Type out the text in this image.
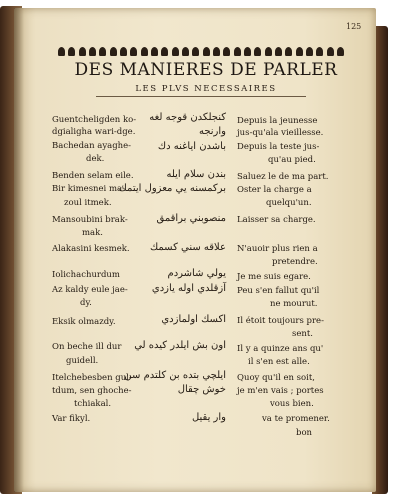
125
DES MANIERES DE PARLER
LES PLVS NECESSAIRES
Guentcheligden ko-
dgialigha wari-dge.
Bachedan ayaghe-
dek.
Benden selam eile.
Bir kimesnei ma-
zoul itmek.
Mansoubini brak-
mak.
Alakasini kesmek.
Iolichachurdum
Az kaldy eule jae-
dy.
Eksik olmazdy.
On beche ill dur
guidell.
Itelchebesben gul-
tdum, sen ghoche-
tchiakal.
Var fikyl.
كنجلكدن قوجه لغه
وارنجه
باشدن اياغنه دك
بندن سلام ايله
بركمسنه يي معزول ايتمك
منصوبني براقمق
علاقه سني كسمك
يولي شاشردم
آزقلدي اوله يازدي
اكسك اولمازدي
اون بش ايلدر كيده لي
ايلچي بتده بن كلتدم سن
خوش چقال
وار يقيل
Depuis la jeunesse
jus-qu'ala vieillesse.
Depuis la teste jus-
qu'au pied.
Saluez le de ma part.
Oster la charge a
quelqu'un.
Laisser sa charge.
N'auoir plus rien a
pretendre.
Je me suis egare.
Peu s'en fallut qu'il
ne mourut.
Il étoit toujours pre-
sent.
Il y a quinze ans qu'
il s'en est alle.
Quoy qu'il en soit,
je m'en vais ; portes
vous bien.
va te promener.
bon
